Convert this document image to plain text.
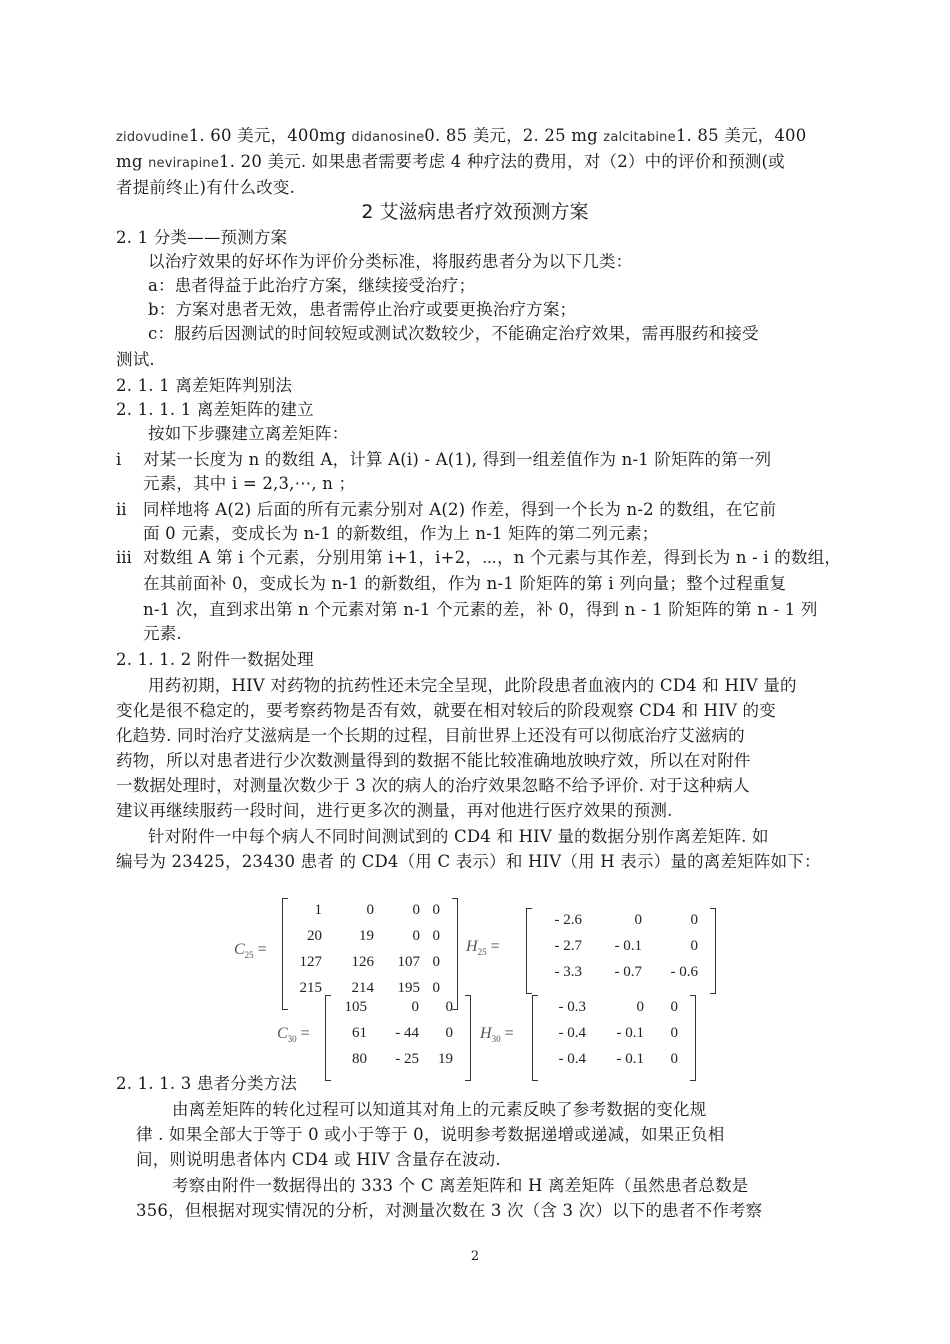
zidovudine1. 60 美元，400mg didanosine0. 85 美元，2. 25 mg zalcitabine1. 85 美元，400
mg nevirapine1. 20 美元. 如果患者需要考虑 4 种疗法的费用，对（2）中的评价和预测(或
者提前终止)有什么改变.
2 艾滋病患者疗效预测方案
2. 1 分类——预测方案
以治疗效果的好坏作为评价分类标准，将服药患者分为以下几类：
a：患者得益于此治疗方案，继续接受治疗；
b：方案对患者无效，患者需停止治疗或要更换治疗方案；
c：服药后因测试的时间较短或测试次数较少，不能确定治疗效果，需再服药和接受
测试.
2. 1. 1 离差矩阵判别法
2. 1. 1. 1 离差矩阵的建立
按如下步骤建立离差矩阵：
i 对某一长度为 n 的数组 A，计算 A(i) - A(1), 得到一组差值作为 n-1 阶矩阵的第一列
元素，其中 i = 2,3,⋯, n ；
ii 同样地将 A(2) 后面的所有元素分别对 A(2) 作差，得到一个长为 n-2 的数组，在它前
面 0 元素，变成长为 n-1 的新数组，作为上 n-1 矩阵的第二列元素；
iii 对数组 A 第 i 个元素，分别用第 i+1，i+2，⋯，n 个元素与其作差，得到长为 n - i 的数组，
在其前面补 0，变成长为 n-1 的新数组，作为 n-1 阶矩阵的第 i 列向量；整个过程重复
n-1 次，直到求出第 n 个元素对第 n-1 个元素的差，补 0，得到 n - 1 阶矩阵的第 n - 1 列
元素.
2. 1. 1. 2 附件一数据处理
用药初期，HIV 对药物的抗药性还未完全呈现，此阶段患者血液内的 CD4 和 HIV 量的
变化是很不稳定的，要考察药物是否有效，就要在相对较后的阶段观察 CD4 和 HIV 的变
化趋势. 同时治疗艾滋病是一个长期的过程，目前世界上还没有可以彻底治疗艾滋病的
药物，所以对患者进行少次数测量得到的数据不能比较准确地放映疗效，所以在对附件
一数据处理时，对测量次数少于 3 次的病人的治疗效果忽略不给予评价. 对于这种病人
建议再继续服药一段时间，进行更多次的测量，再对他进行医疗效果的预测.
针对附件一中每个病人不同时间测试到的 CD4 和 HIV 量的数据分别作离差矩阵. 如
编号为 23425，23430 患者 的 CD4（用 C 表示）和 HIV（用 H 表示）量的离差矩阵如下：
$C_{25}$ =
1	0	0 0
20	19	0 0
127	126	107 0
215	214	195 0
$H_{25}$ =
- 2.6	0	0
- 2.7	- 0.1	0
- 3.3	- 0.7	- 0.6
$C_{30}$ =
105	0	0
61	- 44	0
80	- 25	19
$H_{30}$ =
- 0.3	0	0
- 0.4	- 0.1	0
- 0.4	- 0.1	0
2. 1. 1. 3 患者分类方法
由离差矩阵的转化过程可以知道其对角上的元素反映了参考数据的变化规
律 . 如果全部大于等于 0 或小于等于 0，说明参考数据递增或递减，如果正负相
间，则说明患者体内 CD4 或 HIV 含量存在波动.
考察由附件一数据得出的 333 个 C 离差矩阵和 H 离差矩阵（虽然患者总数是
356，但根据对现实情况的分析，对测量次数在 3 次（含 3 次）以下的患者不作考察
2
